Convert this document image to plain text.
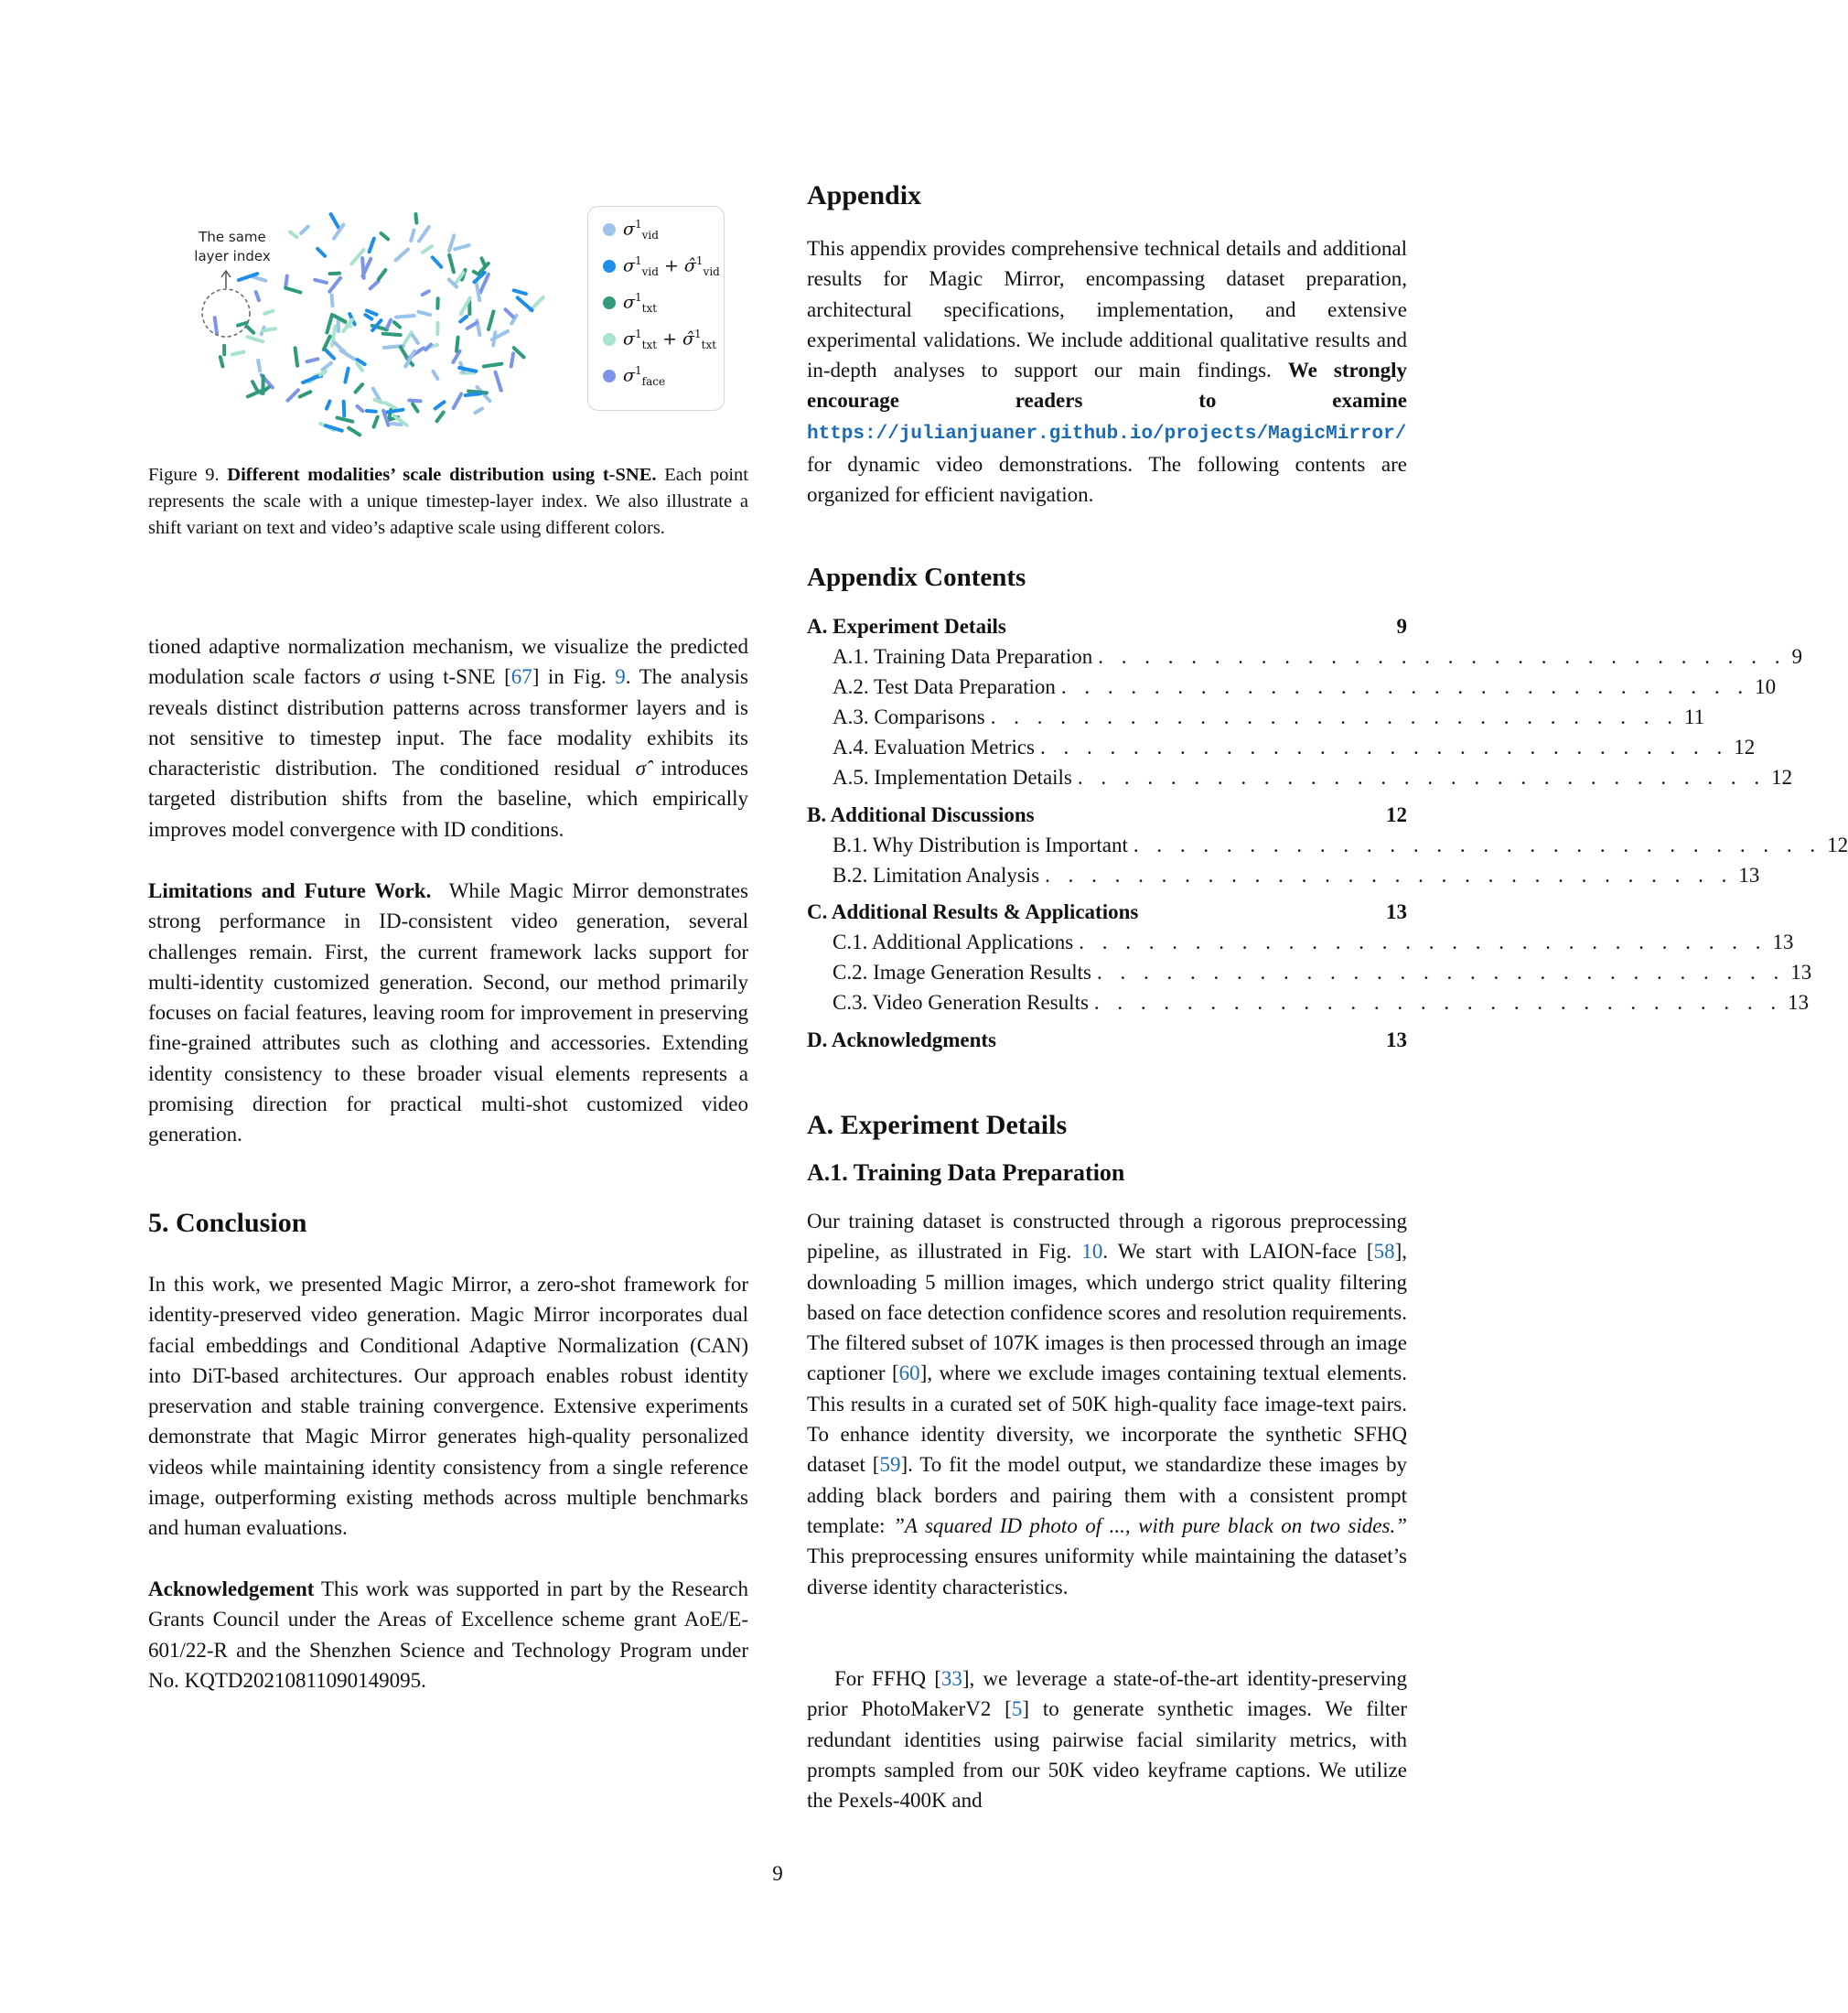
The same
layer index
$\sigma^1_{vid}$
$\sigma^1_{vid}$ + σ̂$^1_{vid}$
$\sigma^1_{txt}$
$\sigma^1_{txt}$ + σ̂$^1_{txt}$
$\sigma^1_{face}$
Figure 9. Different modalities’ scale distribution using t-SNE. Each point represents the scale with a unique timestep-layer index. We also illustrate a shift variant on text and video’s adaptive scale using different colors.

tioned adaptive normalization mechanism, we visualize the predicted modulation scale factors σ using t-SNE [67] in Fig. 9. The analysis reveals distinct distribution patterns across transformer layers and is not sensitive to timestep input. The face modality exhibits its characteristic distribution. The conditioned residual σ̂ introduces targeted distribution shifts from the baseline, which empirically improves model convergence with ID conditions.

Limitations and Future Work. While Magic Mirror demonstrates strong performance in ID-consistent video generation, several challenges remain. First, the current framework lacks support for multi-identity customized generation. Second, our method primarily focuses on facial features, leaving room for improvement in preserving fine-grained attributes such as clothing and accessories. Extending identity consistency to these broader visual elements represents a promising direction for practical multi-shot customized video generation.

5. Conclusion

In this work, we presented Magic Mirror, a zero-shot framework for identity-preserved video generation. Magic Mirror incorporates dual facial embeddings and Conditional Adaptive Normalization (CAN) into DiT-based architectures. Our approach enables robust identity preservation and stable training convergence. Extensive experiments demonstrate that Magic Mirror generates high-quality personalized videos while maintaining identity consistency from a single reference image, outperforming existing methods across multiple benchmarks and human evaluations.

Acknowledgement This work was supported in part by the Research Grants Council under the Areas of Excellence scheme grant AoE/E-601/22-R and the Shenzhen Science and Technology Program under No. KQTD20210811090149095.

Appendix

This appendix provides comprehensive technical details and additional results for Magic Mirror, encompassing dataset preparation, architectural specifications, implementation, and extensive experimental validations. We include additional qualitative results and in-depth analyses to support our main findings. We strongly encourage readers to examine https://julianjuaner.github.io/projects/MagicMirror/ for dynamic video demonstrations. The following contents are organized for efficient navigation.

Appendix Contents
A. Experiment Details	9
A.1. Training Data Preparation . . . . . . . . . . . . . . . . . . . . . . . . . . . . . . 9
A.2. Test Data Preparation . . . . . . . . . . . . . . . . . . . . . . . . . . . . . . 10
A.3. Comparisons . . . . . . . . . . . . . . . . . . . . . . . . . . . . . . 11
A.4. Evaluation Metrics . . . . . . . . . . . . . . . . . . . . . . . . . . . . . . 12
A.5. Implementation Details . . . . . . . . . . . . . . . . . . . . . . . . . . . . . . 12
B. Additional Discussions	12
B.1. Why Distribution is Important . . . . . . . . . . . . . . . . . . . . . . . . . . . . . . 12
B.2. Limitation Analysis . . . . . . . . . . . . . . . . . . . . . . . . . . . . . . 13
C. Additional Results & Applications	13
C.1. Additional Applications . . . . . . . . . . . . . . . . . . . . . . . . . . . . . . 13
C.2. Image Generation Results . . . . . . . . . . . . . . . . . . . . . . . . . . . . . . 13
C.3. Video Generation Results . . . . . . . . . . . . . . . . . . . . . . . . . . . . . . 13
D. Acknowledgments	13
A. Experiment Details
A.1. Training Data Preparation

Our training dataset is constructed through a rigorous preprocessing pipeline, as illustrated in Fig. 10. We start with LAION-face [58], downloading 5 million images, which undergo strict quality filtering based on face detection confidence scores and resolution requirements. The filtered subset of 107K images is then processed through an image captioner [60], where we exclude images containing textual elements. This results in a curated set of 50K high-quality face image-text pairs. To enhance identity diversity, we incorporate the synthetic SFHQ dataset [59]. To fit the model output, we standardize these images by adding black borders and pairing them with a consistent prompt template: ”A squared ID photo of ..., with pure black on two sides.” This preprocessing ensures uniformity while maintaining the dataset’s diverse identity characteristics.

For FFHQ [33], we leverage a state-of-the-art identity-preserving prior PhotoMakerV2 [5] to generate synthetic images. We filter redundant identities using pairwise facial similarity metrics, with prompts sampled from our 50K video keyframe captions. We utilize the Pexels-400K and

9
